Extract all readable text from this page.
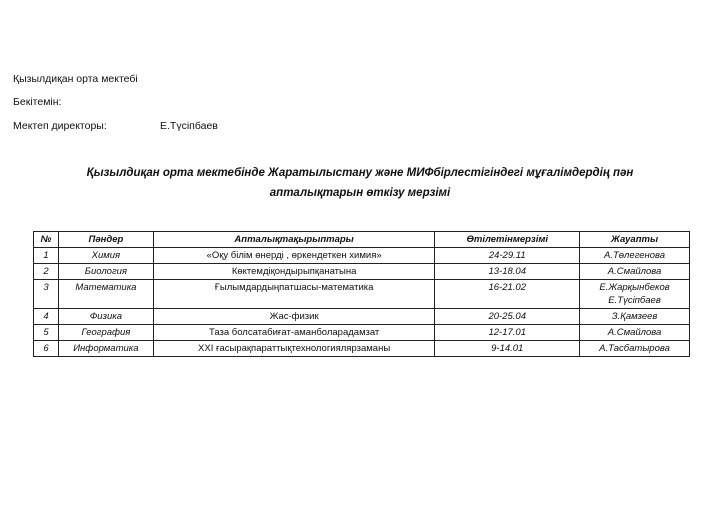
Қызылдиқан орта мектебі
Бекітемін:
Мектеп директоры:	Е.Түсіпбаев
Қызылдиқан орта мектебінде Жаратылыстану және МИФбірлестігіндегі мұғалімдердің пән
апталықтарын өткізу мерзімі
№	Пәндер	Апталықтақырыптары	Өтілетінмерзімі	Жауапты
1	Химия	«Оқу білім өнерді , өркендеткен химия»	24-29.11	А.Төлегенова

2	Биология	Көктемдіқондырыпқанатына	13-18.04	А.Смайлова

3	Математика	Ғылымдардыңпатшасы-математика	16-21.02	Е.Жарқынбеков
Е.Түсіпбаев

4	Физика	Жас-физик	20-25.04	З.Қамзеев

5	География	Таза болсатабиғат-аманболарадамзат	12-17.01	А.Смайлова

6	Информатика	XXI ғасырақпараттықтехнологиялярзаманы	9-14.01	А.Тасбатырова
